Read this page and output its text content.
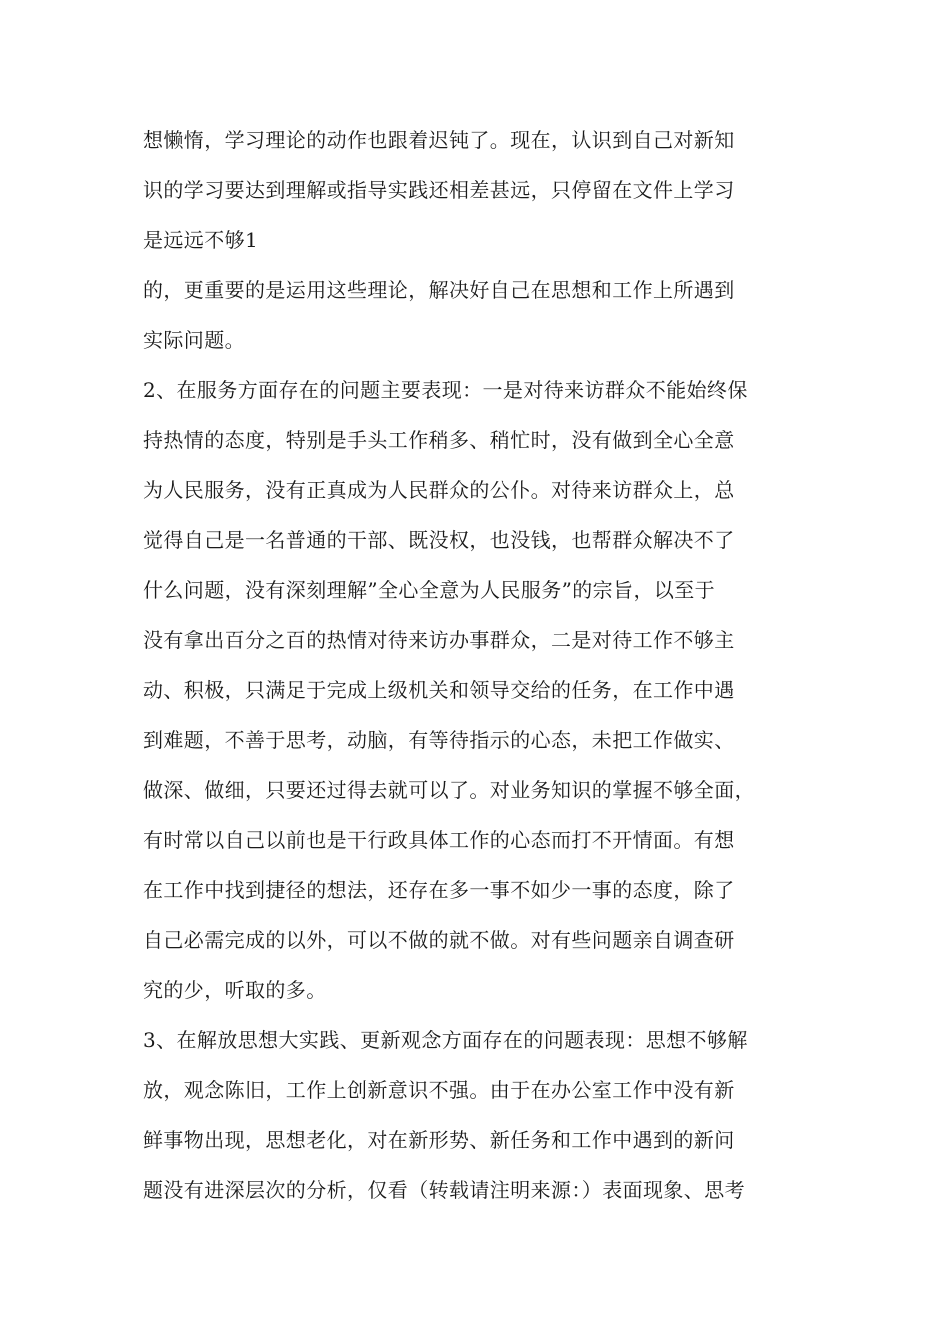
想懒惰，学习理论的动作也跟着迟钝了。现在，认识到自己对新知
识的学习要达到理解或指导实践还相差甚远，只停留在文件上学习
是远远不够1
的，更重要的是运用这些理论，解决好自己在思想和工作上所遇到
实际问题。
2、在服务方面存在的问题主要表现：一是对待来访群众不能始终保
持热情的态度，特别是手头工作稍多、稍忙时，没有做到全心全意
为人民服务，没有正真成为人民群众的公仆。对待来访群众上，总
觉得自己是一名普通的干部、既没权，也没钱，也帮群众解决不了
什么问题，没有深刻理解”全心全意为人民服务”的宗旨，以至于
没有拿出百分之百的热情对待来访办事群众，二是对待工作不够主
动、积极，只满足于完成上级机关和领导交给的任务，在工作中遇
到难题，不善于思考，动脑，有等待指示的心态，未把工作做实、
做深、做细，只要还过得去就可以了。对业务知识的掌握不够全面，
有时常以自己以前也是干行政具体工作的心态而打不开情面。有想
在工作中找到捷径的想法，还存在多一事不如少一事的态度，除了
自己必需完成的以外，可以不做的就不做。对有些问题亲自调查研
究的少，听取的多。
3、在解放思想大实践、更新观念方面存在的问题表现：思想不够解
放，观念陈旧，工作上创新意识不强。由于在办公室工作中没有新
鲜事物出现，思想老化，对在新形势、新任务和工作中遇到的新问
题没有进深层次的分析，仅看（转载请注明来源：）表面现象、思考
